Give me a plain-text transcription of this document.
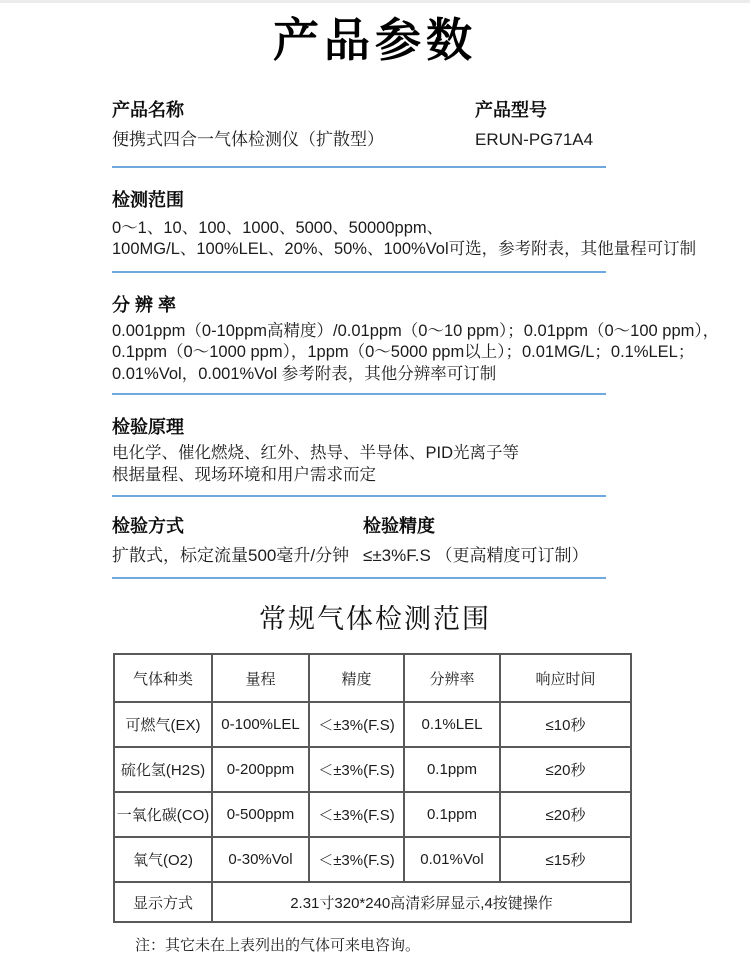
产品参数
产品名称
便携式四合一气体检测仪（扩散型）
产品型号
ERUN-PG71A4
检测范围
0～1、10、100、1000、5000、50000ppm、
100MG/L、100%LEL、20%、50%、100%Vol可选，参考附表，其他量程可订制
分 辨 率
0.001ppm（0-10ppm高精度）/0.01ppm（0～10 ppm）；0.01ppm（0～100 ppm），
0.1ppm（0～1000 ppm），1ppm（0～5000 ppm以上）；0.01MG/L；0.1%LEL；
0.01%Vol，0.001%Vol 参考附表，其他分辨率可订制
检验原理
电化学、催化燃烧、红外、热导、半导体、PID光离子等
根据量程、现场环境和用户需求而定
检验方式
扩散式，标定流量500毫升/分钟
检验精度
≤±3%F.S （更高精度可订制）
常规气体检测范围
气体种类	量程	精度	分辨率	响应时间
可燃气(EX)	0-100%LEL	＜±3%(F.S)	0.1%LEL	≤10秒
硫化氢(H2S)	0-200ppm	＜±3%(F.S)	0.1ppm	≤20秒
一氧化碳(CO)	0-500ppm	＜±3%(F.S)	0.1ppm	≤20秒
氧气(O2)	0-30%Vol	＜±3%(F.S)	0.01%Vol	≤15秒
显示方式	2.31寸320*240高清彩屏显示,4按键操作			
注：其它未在上表列出的气体可来电咨询。
